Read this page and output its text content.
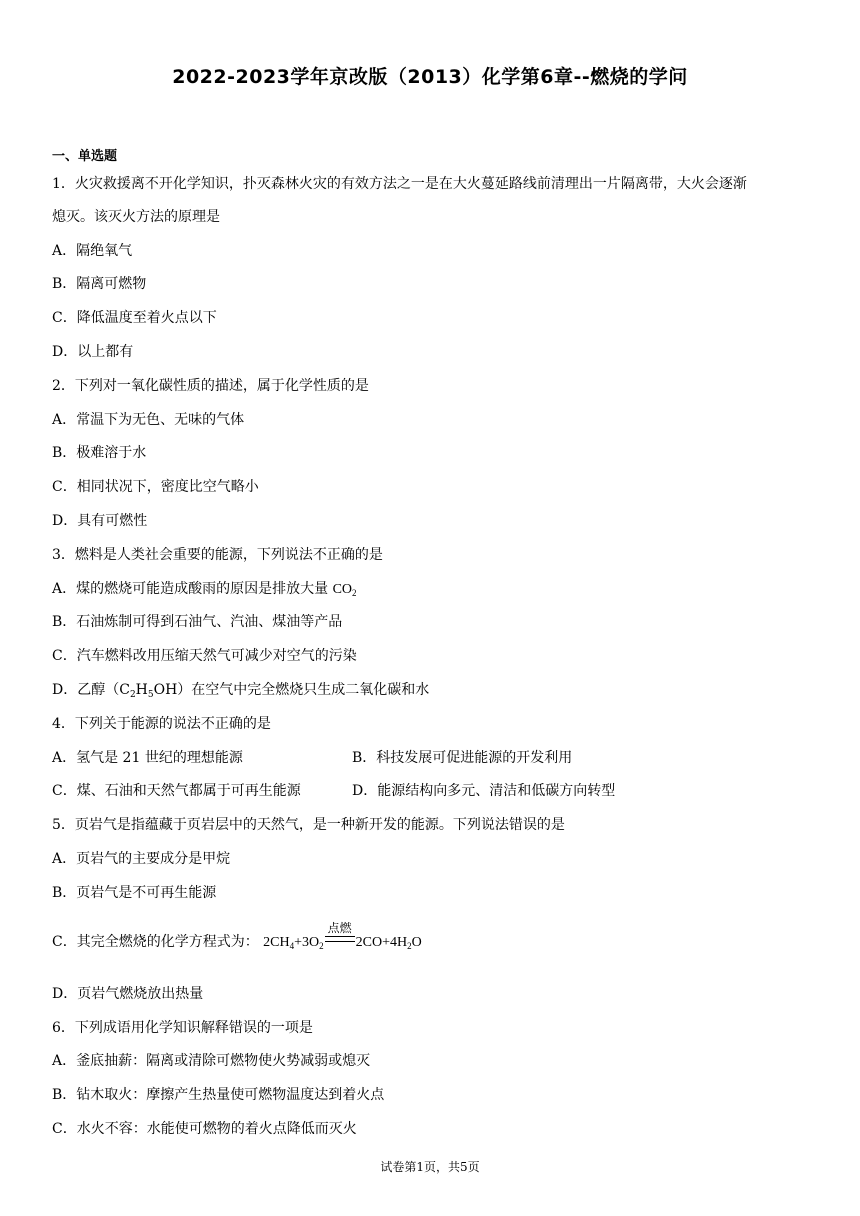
2022-2023学年京改版（2013）化学第6章--燃烧的学问
一、单选题
1．火灾救援离不开化学知识，扑灭森林火灾的有效方法之一是在大火蔓延路线前清理出一片隔离带，大火会逐渐
熄灭。该灭火方法的原理是
A．隔绝氧气
B．隔离可燃物
C．降低温度至着火点以下
D．以上都有
2．下列对一氧化碳性质的描述，属于化学性质的是
A．常温下为无色、无味的气体
B．极难溶于水
C．相同状况下，密度比空气略小
D．具有可燃性
3．燃料是人类社会重要的能源，下列说法不正确的是
A．煤的燃烧可能造成酸雨的原因是排放大量 $CO_2$
B．石油炼制可得到石油气、汽油、煤油等产品
C．汽车燃料改用压缩天然气可减少对空气的污染
D．乙醇$(C_2H_5OH)$在空气中完全燃烧只生成二氧化碳和水
4．下列关于能源的说法不正确的是
A．氢气是 21 世纪的理想能源	B．科技发展可促进能源的开发利用
C．煤、石油和天然气都属于可再生能源	D．能源结构向多元、清洁和低碳方向转型
5．页岩气是指蕴藏于页岩层中的天然气，是一种新开发的能源。下列说法错误的是
A．页岩气的主要成分是甲烷
B．页岩气是不可再生能源
C．其完全燃烧的化学方程式为： $2CH_4+3O_2$
点燃
$2CO+4H_2O$
D．页岩气燃烧放出热量
6．下列成语用化学知识解释错误的一项是
A．釜底抽薪：隔离或清除可燃物使火势减弱或熄灭
B．钻木取火：摩擦产生热量使可燃物温度达到着火点
C．水火不容：水能使可燃物的着火点降低而灭火
试卷第1页，共5页
